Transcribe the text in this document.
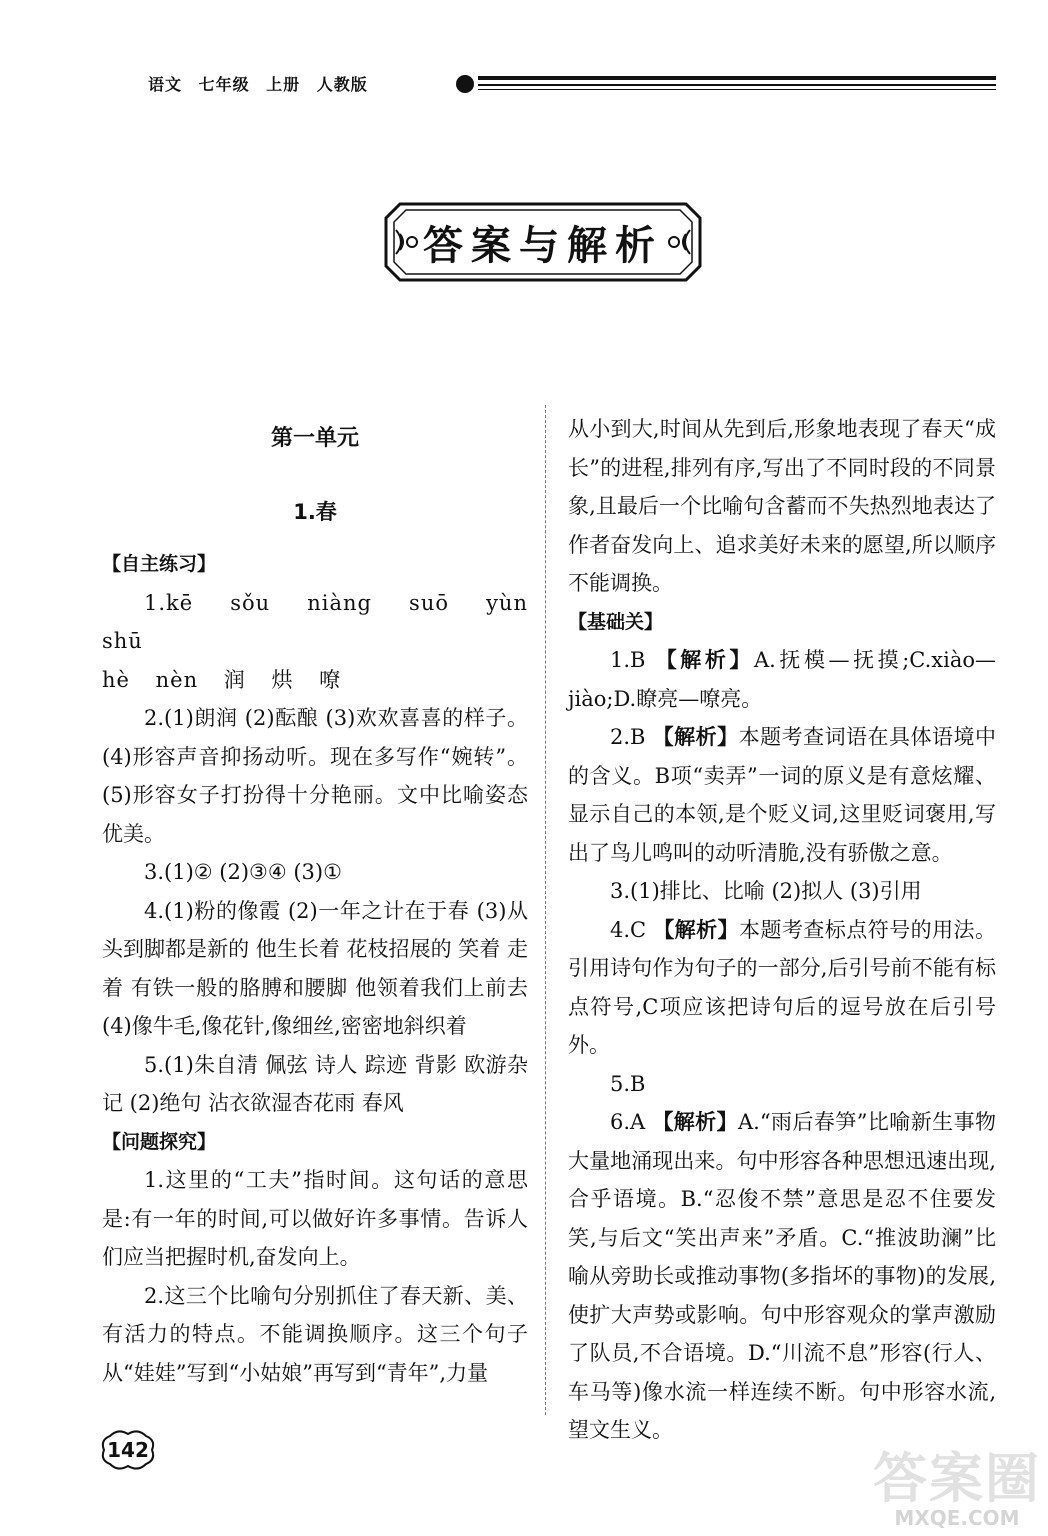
语文 七年级 上册 人教版
答案与解析
第一单元
1.春
【自主练习】

1.kē sǒu niàng suō yùn shū

hè nèn 润 烘 嘹

2.(1)朗润 (2)酝酿 (3)欢欢喜喜的样子。 (4)形容声音抑扬动听。现在多写作“婉转”。 (5)形容女子打扮得十分艳丽。文中比喻姿态优美。

3.(1)② (2)③④ (3)①

4.(1)粉的像霞 (2)一年之计在于春 (3)从头到脚都是新的 他生长着 花枝招展的 笑着 走着 有铁一般的胳膊和腰脚 他领着我们上前去 (4)像牛毛,像花针,像细丝,密密地斜织着

5.(1)朱自清 佩弦 诗人 踪迹 背影 欧游杂记 (2)绝句 沾衣欲湿杏花雨 春风

【问题探究】

1.这里的“工夫”指时间。这句话的意思是:有一年的时间,可以做好许多事情。告诉人们应当把握时机,奋发向上。

2.这三个比喻句分别抓住了春天新、美、有活力的特点。不能调换顺序。这三个句子从“娃娃”写到“小姑娘”再写到“青年”,力量

从小到大,时间从先到后,形象地表现了春天“成长”的进程,排列有序,写出了不同时段的不同景象,且最后一个比喻句含蓄而不失热烈地表达了作者奋发向上、追求美好未来的愿望,所以顺序不能调换。

【基础关】

1.B 【解析】A.抚模—抚摸;C.xiào—jiào;D.瞭亮—嘹亮。

2.B 【解析】本题考查词语在具体语境中的含义。B项“卖弄”一词的原义是有意炫耀、显示自己的本领,是个贬义词,这里贬词褒用,写出了鸟儿鸣叫的动听清脆,没有骄傲之意。

3.(1)排比、比喻 (2)拟人 (3)引用

4.C 【解析】本题考查标点符号的用法。引用诗句作为句子的一部分,后引号前不能有标点符号,C项应该把诗句后的逗号放在后引号外。

5.B

6.A 【解析】A.“雨后春笋”比喻新生事物大量地涌现出来。句中形容各种思想迅速出现,合乎语境。B.“忍俊不禁”意思是忍不住要发笑,与后文“笑出声来”矛盾。C.“推波助澜”比喻从旁助长或推动事物(多指坏的事物)的发展,使扩大声势或影响。句中形容观众的掌声激励了队员,不合语境。D.“川流不息”形容(行人、车马等)像水流一样连续不断。句中形容水流,望文生义。

142	答案圈
MXQE.COM
